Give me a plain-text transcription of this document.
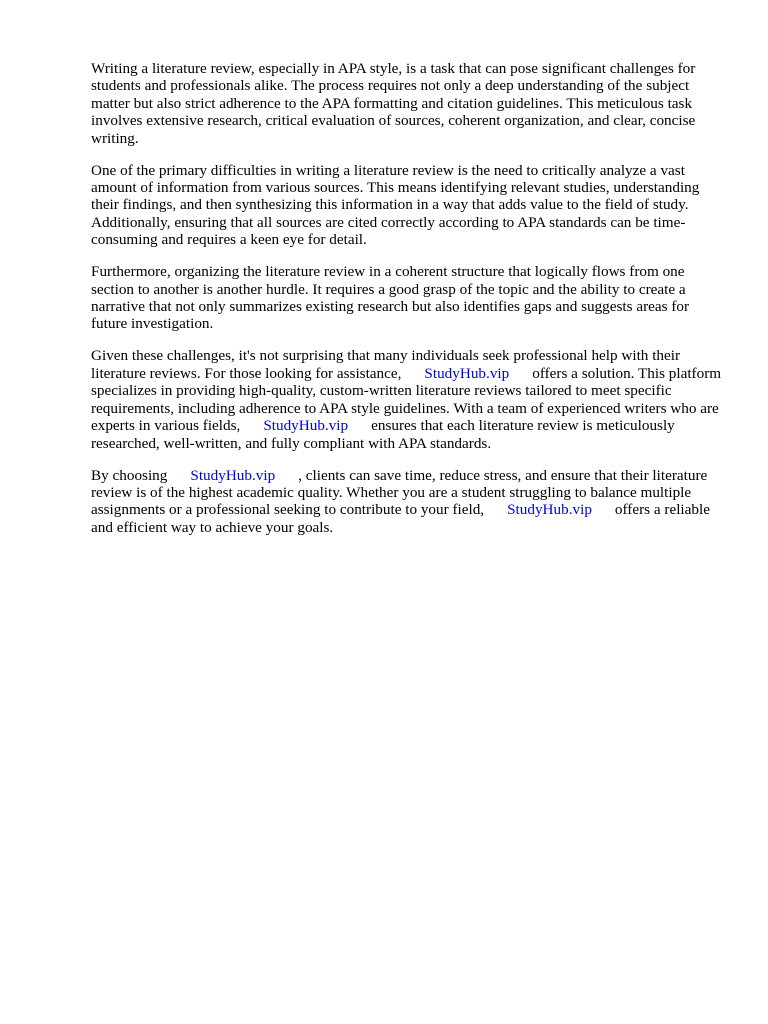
Writing a literature review, especially in APA style, is a task that can pose significant challenges for students and professionals alike. The process requires not only a deep understanding of the subject matter but also strict adherence to the APA formatting and citation guidelines. This meticulous task involves extensive research, critical evaluation of sources, coherent organization, and clear, concise writing.

One of the primary difficulties in writing a literature review is the need to critically analyze a vast amount of information from various sources. This means identifying relevant studies, understanding their findings, and then synthesizing this information in a way that adds value to the field of study. Additionally, ensuring that all sources are cited correctly according to APA standards can be time-consuming and requires a keen eye for detail.

Furthermore, organizing the literature review in a coherent structure that logically flows from one section to another is another hurdle. It requires a good grasp of the topic and the ability to create a narrative that not only summarizes existing research but also identifies gaps and suggests areas for future investigation.

Given these challenges, it's not surprising that many individuals seek professional help with their literature reviews. For those looking for assistance, StudyHub.vip offers a solution. This platform specializes in providing high-quality, custom-written literature reviews tailored to meet specific requirements, including adherence to APA style guidelines. With a team of experienced writers who are experts in various fields, StudyHub.vip ensures that each literature review is meticulously researched, well-written, and fully compliant with APA standards.

By choosing StudyHub.vip , clients can save time, reduce stress, and ensure that their literature review is of the highest academic quality. Whether you are a student struggling to balance multiple assignments or a professional seeking to contribute to your field, StudyHub.vip offers a reliable and efficient way to achieve your goals.
